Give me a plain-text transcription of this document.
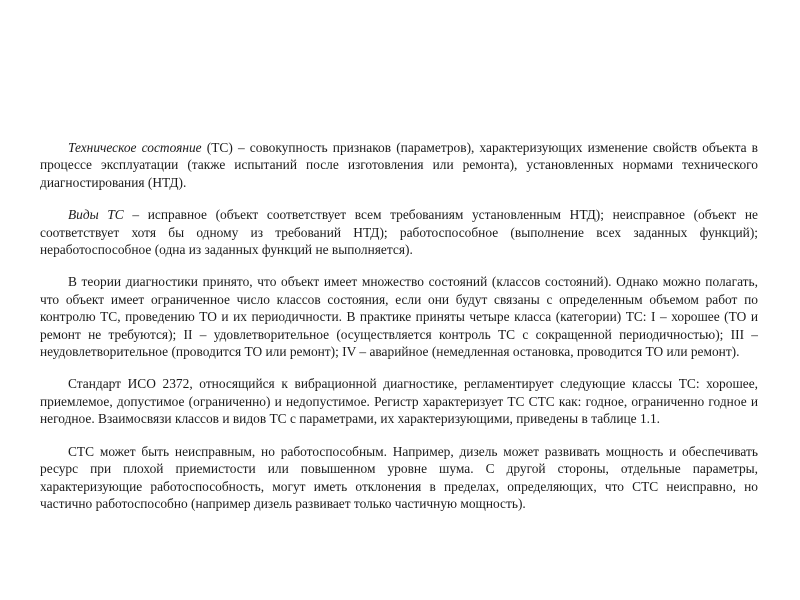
Техническое состояние (ТС) – совокупность признаков (параметров), характеризующих изменение свойств объекта в процессе эксплуатации (также испытаний после изготовления или ремонта), установленных нормами технического диагностирования (НТД).

Виды ТС – исправное (объект соответствует всем требованиям установленным НТД); неисправное (объект не соответствует хотя бы одному из требований НТД); работоспособное (выполнение всех заданных функций); неработоспособное (одна из заданных функций не выполняется).

В теории диагностики принято, что объект имеет множество состояний (классов состояний). Однако можно полагать, что объект имеет ограниченное число классов состояния, если они будут связаны с определенным объемом работ по контролю ТС, проведению ТО и их периодичности. В практике приняты четыре класса (категории) ТС: I – хорошее (ТО и ремонт не требуются); II – удовлетворительное (осуществляется контроль ТС с сокращенной периодичностью); III – неудовлетворительное (проводится ТО или ремонт); IV – аварийное (немедленная остановка, проводится ТО или ремонт).

Стандарт ИСО 2372, относящийся к вибрационной диагностике, регламентирует следующие классы ТС: хорошее, приемлемое, допустимое (ограниченно) и недопустимое. Регистр характеризует ТС СТС как: годное, ограниченно годное и негодное. Взаимосвязи классов и видов ТС с параметрами, их характеризующими, приведены в таблице 1.1.

СТС может быть неисправным, но работоспособным. Например, дизель может развивать мощность и обеспечивать ресурс при плохой приемистости или повышенном уровне шума. С другой стороны, отдельные параметры, характеризующие работоспособность, могут иметь отклонения в пределах, определяющих, что СТС неисправно, но частично работоспособно (например дизель развивает только частичную мощность).
